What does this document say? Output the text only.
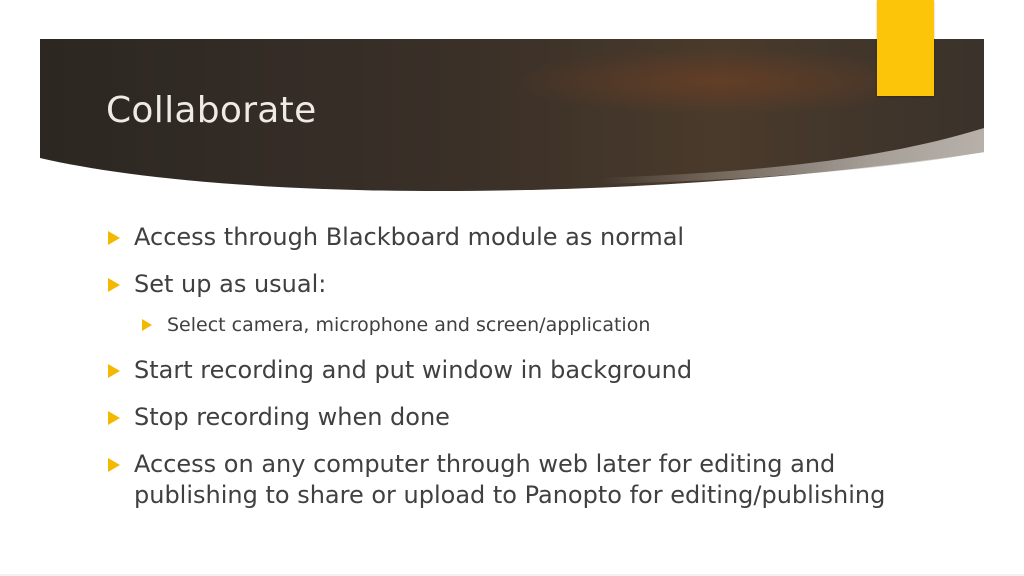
Collaborate
Access through Blackboard module as normal
Set up as usual:
Select camera, microphone and screen/application
Start recording and put window in background
Stop recording when done
Access on any computer through web later for editing and publishing to share or upload to Panopto for editing/publishing
